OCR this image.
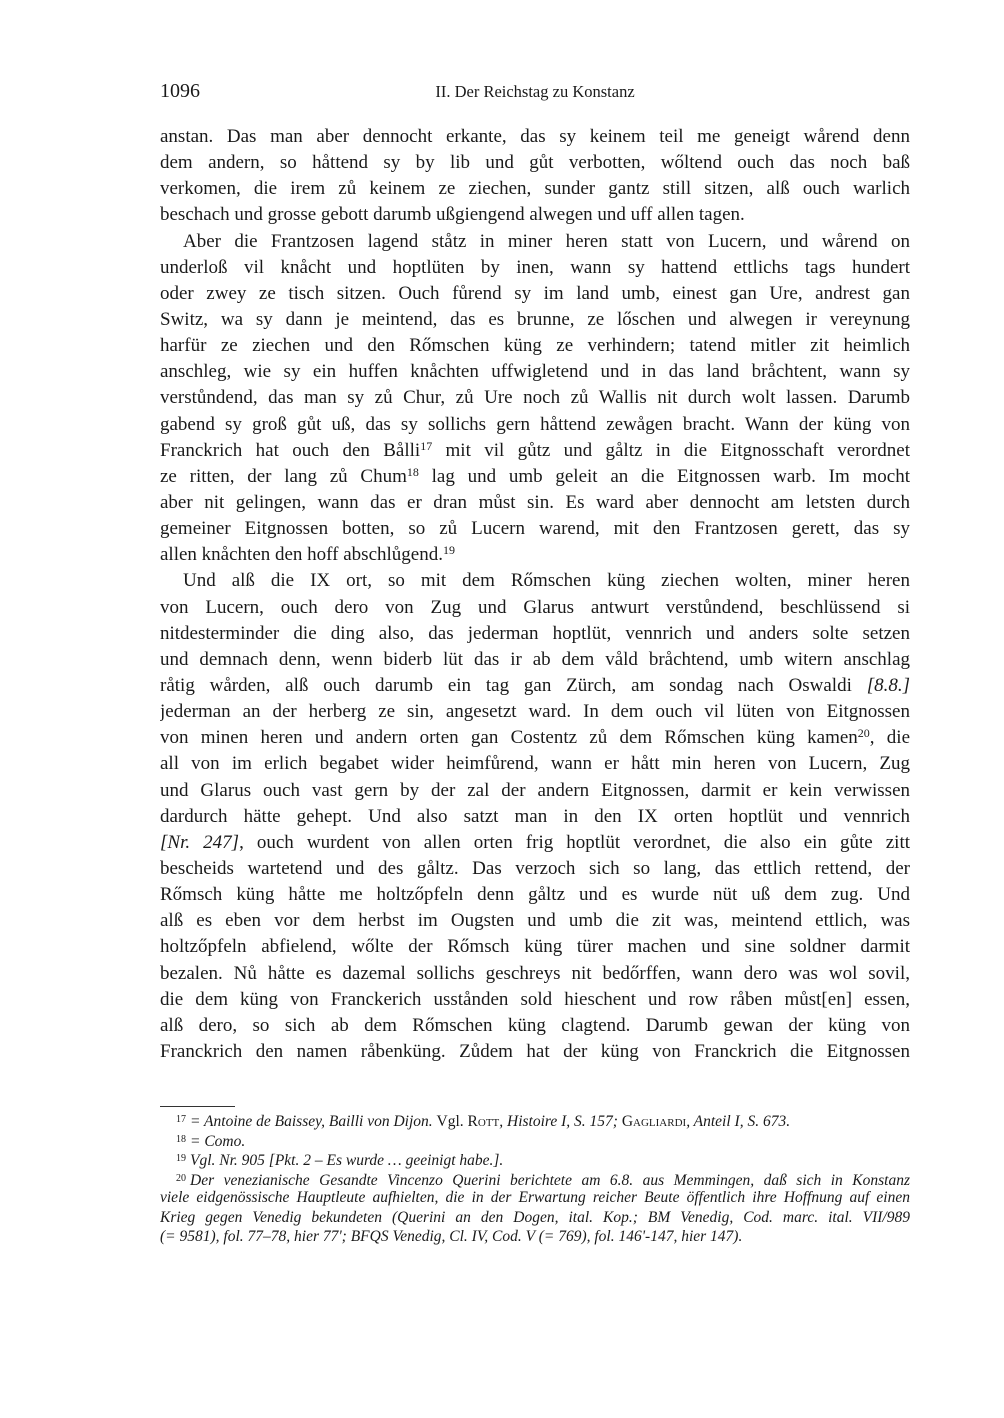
1096	II. Der Reichstag zu Konstanz
anstan. Das man aber dennocht erkante, das sy keinem teil me geneigt wårend denn
dem andern, so håttend sy by lib und gůt verbotten, wőltend ouch das noch baß
verkomen, die irem zů keinem ze ziechen, sunder gantz still sitzen, alß ouch warlich
beschach und grosse gebott darumb ußgiengend alwegen und uff allen tagen.
Aber die Frantzosen lagend ståtz in miner heren statt von Lucern, und wårend on
underloß vil knåcht und hoptlüten by inen, wann sy hattend ettlichs tags hundert
oder zwey ze tisch sitzen. Ouch fůrend sy im land umb, einest gan Ure, andrest gan
Switz, wa sy dann je meintend, das es brunne, ze lőschen und alwegen ir vereynung
harfür ze ziechen und den Rőmschen küng ze verhindern; tatend mitler zit heimlich
anschleg, wie sy ein huffen knåchten uffwigletend und in das land bråchtent, wann sy
verstůndend, das man sy zů Chur, zů Ure noch zů Wallis nit durch wolt lassen. Darumb
gabend sy groß gůt uß, das sy sollichs gern håttend zewågen bracht. Wann der küng von
Franckrich hat ouch den Bålli$^{17}$ mit vil gůtz und gåltz in die Eitgnosschaft verordnet
ze ritten, der lang zů Chum$^{18}$ lag und umb geleit an die Eitgnossen warb. Im mocht
aber nit gelingen, wann das er dran můst sin. Es ward aber dennocht am letsten durch
gemeiner Eitgnossen botten, so zů Lucern warend, mit den Frantzosen gerett, das sy
allen knåchten den hoff abschlůgend.$^{19}$
Und alß die IX ort, so mit dem Rőmschen küng ziechen wolten, miner heren
von Lucern, ouch dero von Zug und Glarus antwurt verstůndend, beschlüssend si
nitdesterminder die ding also, das jederman hoptlüt, vennrich und anders solte setzen
und demnach denn, wenn biderb lüt das ir ab dem våld bråchtend, umb witern anschlag
råtig wården, alß ouch darumb ein tag gan Zürch, am sondag nach Oswaldi [8.8.]
jederman an der herberg ze sin, angesetzt ward. In dem ouch vil lüten von Eitgnossen
von minen heren und andern orten gan Costentz zů dem Rőmschen küng kamen$^{20}$, die
all von im erlich begabet wider heimfůrend, wann er hått min heren von Lucern, Zug
und Glarus ouch vast gern by der zal der andern Eitgnossen, darmit er kein verwissen
dardurch hätte gehept. Und also satzt man in den IX orten hoptlüt und vennrich
[Nr. 247], ouch wurdent von allen orten frig hoptlüt verordnet, die also ein gůte zitt
bescheids wartetend und des gåltz. Das verzoch sich so lang, das ettlich rettend, der
Rőmsch küng håtte me holtzőpfeln denn gåltz und es wurde nüt uß dem zug. Und
alß es eben vor dem herbst im Ougsten und umb die zit was, meintend ettlich, was
holtzőpfeln abfielend, wőlte der Rőmsch küng türer machen und sine soldner darmit
bezalen. Nů håtte es dazemal sollichs geschreys nit bedőrffen, wann dero was wol sovil,
die dem küng von Franckerich usstånden sold hieschent und row råben můst[en] essen,
alß dero, so sich ab dem Rőmschen küng clagtend. Darumb gewan der küng von
Franckrich den namen råbenküng. Zůdem hat der küng von Franckrich die Eitgnossen
$^{17}$ = Antoine de Baissey, Bailli von Dijon. Vgl. Rott, Histoire I, S. 157; Gagliardi, Anteil I, S. 673.
$^{18}$ = Como.
$^{19}$ Vgl. Nr. 905 [Pkt. 2 – Es wurde … geeinigt habe.].
$^{20}$ Der venezianische Gesandte Vincenzo Querini berichtete am 6.8. aus Memmingen, daß sich in Konstanz
viele eidgenössische Hauptleute aufhielten, die in der Erwartung reicher Beute öffentlich ihre Hoffnung auf einen
Krieg gegen Venedig bekundeten (Querini an den Dogen, ital. Kop.; BM Venedig, Cod. marc. ital. VII/989
(= 9581), fol. 77–78, hier 77'; BFQS Venedig, Cl. IV, Cod. V (= 769), fol. 146'-147, hier 147).
